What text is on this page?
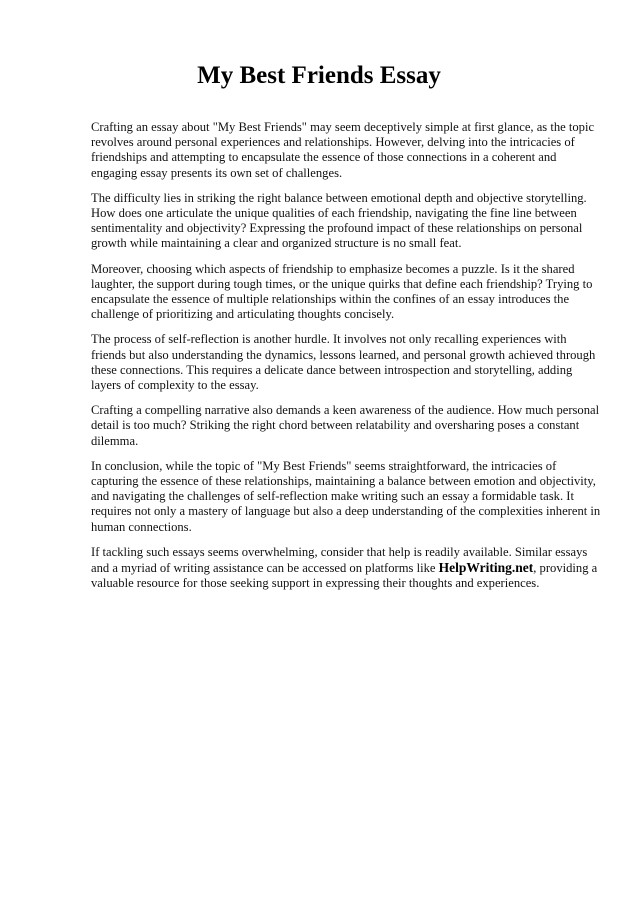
My Best Friends Essay

Crafting an essay about "My Best Friends" may seem deceptively simple at first glance, as the topic revolves around personal experiences and relationships. However, delving into the intricacies of friendships and attempting to encapsulate the essence of those connections in a coherent and engaging essay presents its own set of challenges.

The difficulty lies in striking the right balance between emotional depth and objective storytelling. How does one articulate the unique qualities of each friendship, navigating the fine line between sentimentality and objectivity? Expressing the profound impact of these relationships on personal growth while maintaining a clear and organized structure is no small feat.

Moreover, choosing which aspects of friendship to emphasize becomes a puzzle. Is it the shared laughter, the support during tough times, or the unique quirks that define each friendship? Trying to encapsulate the essence of multiple relationships within the confines of an essay introduces the challenge of prioritizing and articulating thoughts concisely.

The process of self-reflection is another hurdle. It involves not only recalling experiences with friends but also understanding the dynamics, lessons learned, and personal growth achieved through these connections. This requires a delicate dance between introspection and storytelling, adding layers of complexity to the essay.

Crafting a compelling narrative also demands a keen awareness of the audience. How much personal detail is too much? Striking the right chord between relatability and oversharing poses a constant dilemma.

In conclusion, while the topic of "My Best Friends" seems straightforward, the intricacies of capturing the essence of these relationships, maintaining a balance between emotion and objectivity, and navigating the challenges of self-reflection make writing such an essay a formidable task. It requires not only a mastery of language but also a deep understanding of the complexities inherent in human connections.

If tackling such essays seems overwhelming, consider that help is readily available. Similar essays and a myriad of writing assistance can be accessed on platforms like HelpWriting.net, providing a valuable resource for those seeking support in expressing their thoughts and experiences.
